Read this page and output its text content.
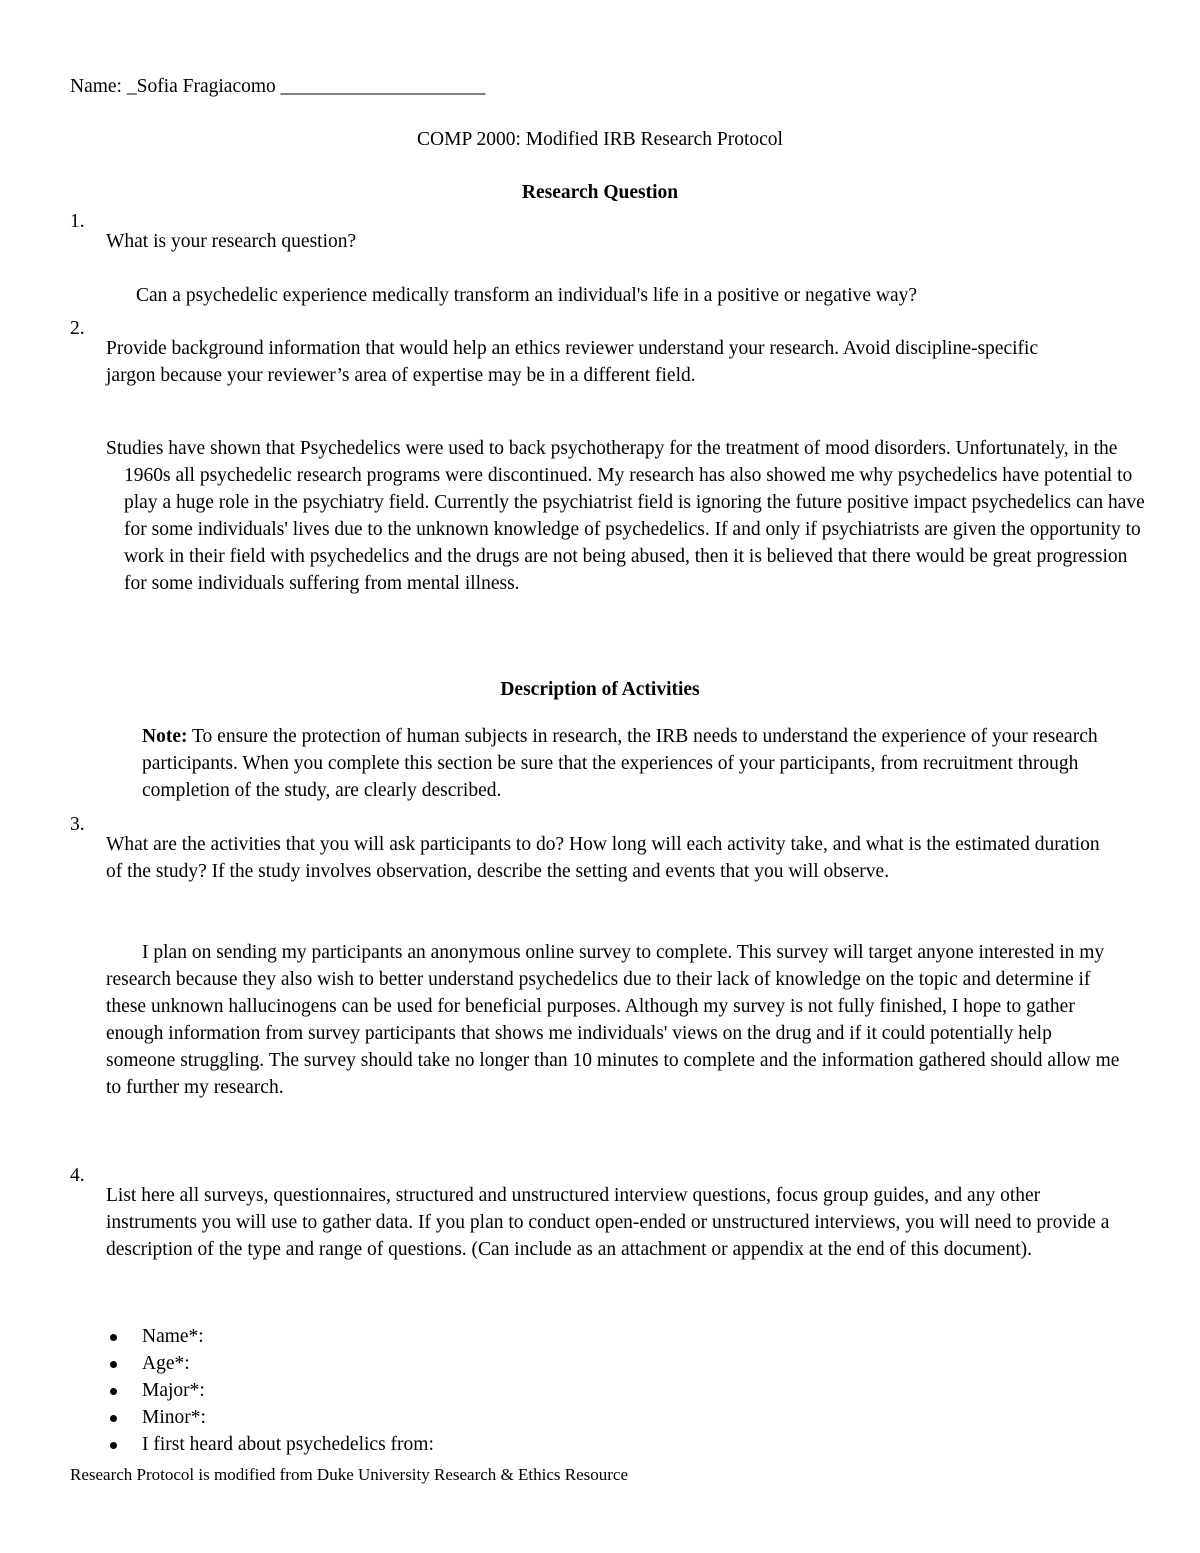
Name: _Sofia Fragiacomo _____________________

COMP 2000: Modified IRB Research Protocol

Research Question

1.

What is your research question?

Can a psychedelic experience medically transform an individual's life in a positive or negative way?

2.

Provide background information that would help an ethics reviewer understand your research. Avoid discipline-specific jargon because your reviewer’s area of expertise may be in a different field.

Studies have shown that Psychedelics were used to back psychotherapy for the treatment of mood disorders. Unfortunately, in the 1960s all psychedelic research programs were discontinued. My research has also showed me why psychedelics have potential to play a huge role in the psychiatry field. Currently the psychiatrist field is ignoring the future positive impact psychedelics can have for some individuals' lives due to the unknown knowledge of psychedelics. If and only if psychiatrists are given the opportunity to work in their field with psychedelics and the drugs are not being abused, then it is believed that there would be great progression for some individuals suffering from mental illness.

Description of Activities

Note: To ensure the protection of human subjects in research, the IRB needs to understand the experience of your research participants. When you complete this section be sure that the experiences of your participants, from recruitment through completion of the study, are clearly described.

3.

What are the activities that you will ask participants to do? How long will each activity take, and what is the estimated duration of the study? If the study involves observation, describe the setting and events that you will observe.

I plan on sending my participants an anonymous online survey to complete. This survey will target anyone interested in my research because they also wish to better understand psychedelics due to their lack of knowledge on the topic and determine if these unknown hallucinogens can be used for beneficial purposes. Although my survey is not fully finished, I hope to gather enough information from survey participants that shows me individuals' views on the drug and if it could potentially help someone struggling. The survey should take no longer than 10 minutes to complete and the information gathered should allow me to further my research.

4.

List here all surveys, questionnaires, structured and unstructured interview questions, focus group guides, and any other instruments you will use to gather data. If you plan to conduct open-ended or unstructured interviews, you will need to provide a description of the type and range of questions. (Can include as an attachment or appendix at the end of this document).

Name*:
Age*:
Major*:
Minor*:
I first heard about psychedelics from:

Research Protocol is modified from Duke University Research & Ethics Resource
